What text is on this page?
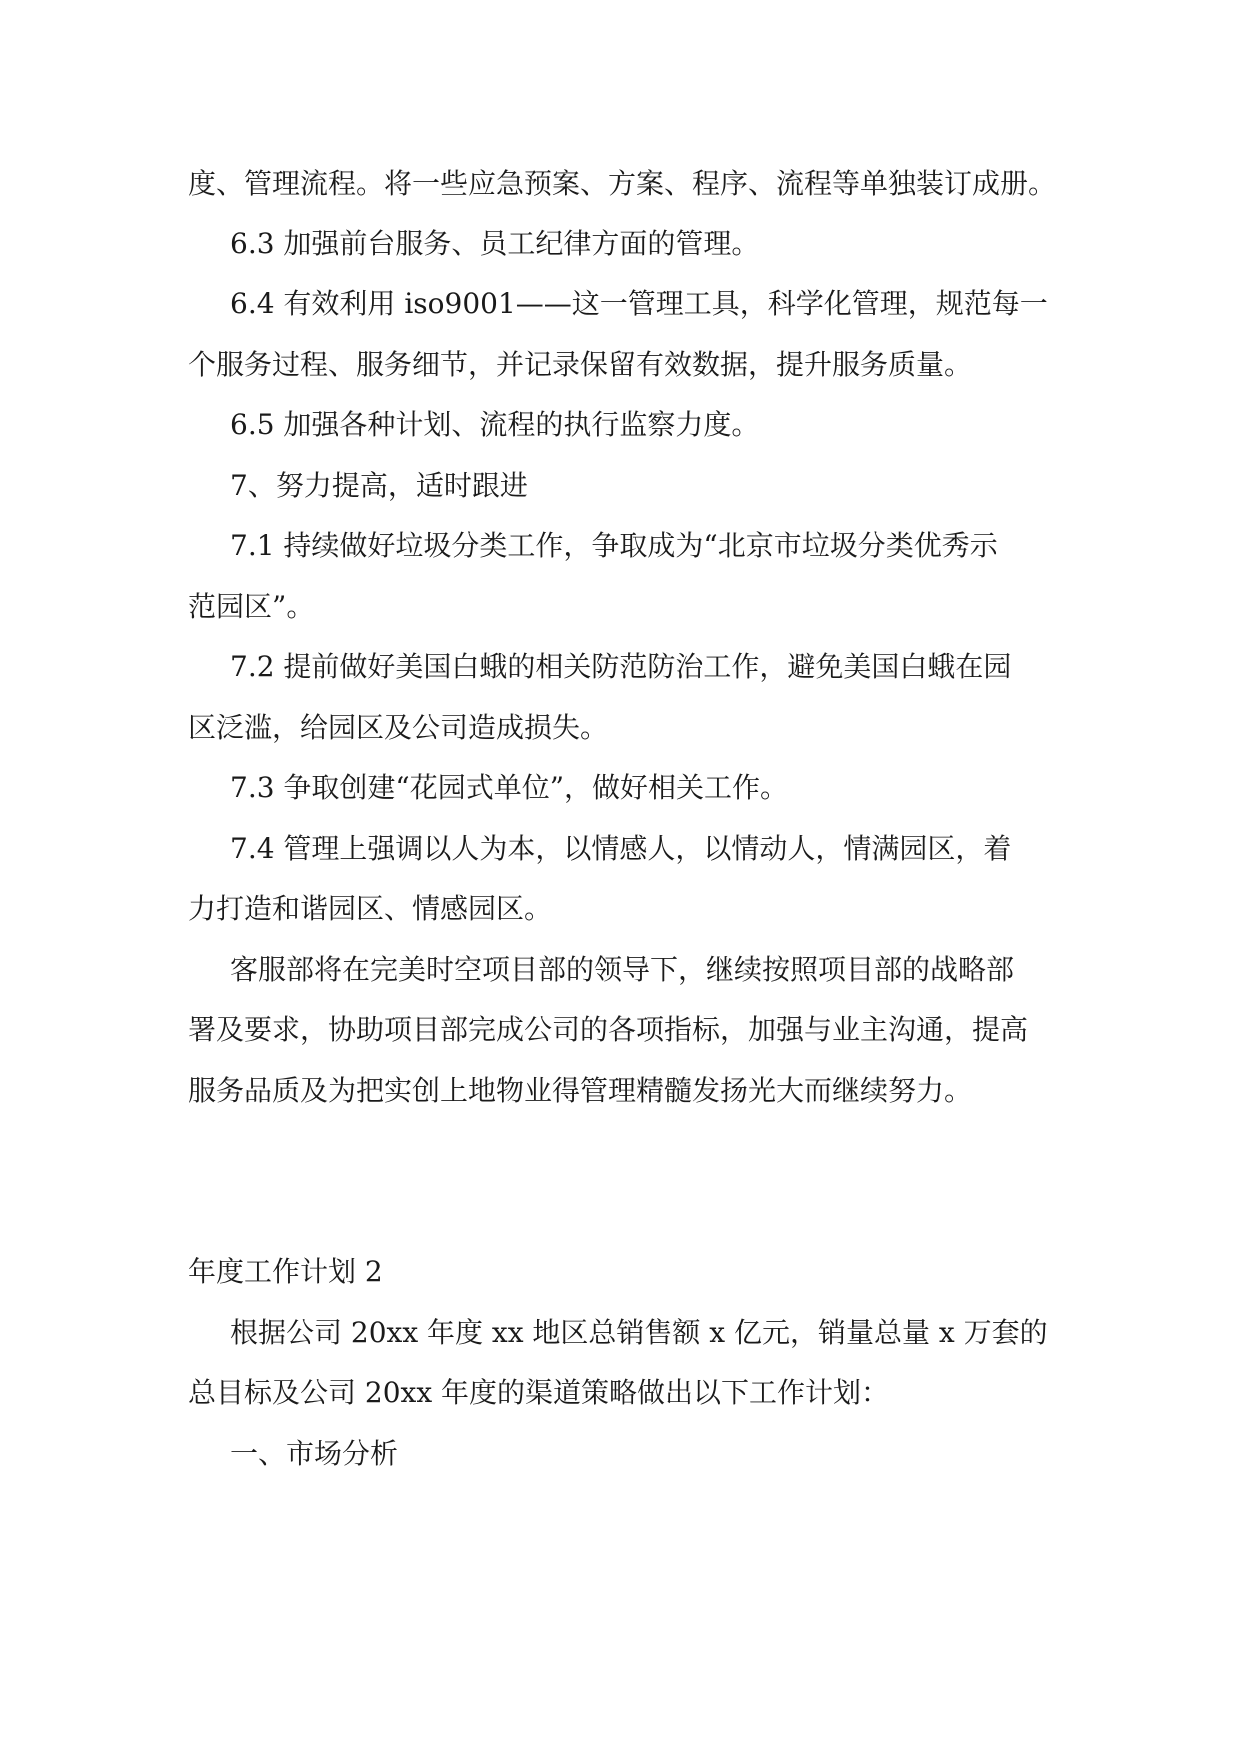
度、管理流程。将一些应急预案、方案、程序、流程等单独装订成册。

6.3 加强前台服务、员工纪律方面的管理。

6.4 有效利用 iso9001——这一管理工具，科学化管理，规范每一

个服务过程、服务细节，并记录保留有效数据，提升服务质量。

6.5 加强各种计划、流程的执行监察力度。

7、努力提高，适时跟进

7.1 持续做好垃圾分类工作，争取成为“北京市垃圾分类优秀示

范园区”。

7.2 提前做好美国白蛾的相关防范防治工作，避免美国白蛾在园

区泛滥，给园区及公司造成损失。

7.3 争取创建“花园式单位”，做好相关工作。

7.4 管理上强调以人为本，以情感人，以情动人，情满园区，着

力打造和谐园区、情感园区。

客服部将在完美时空项目部的领导下，继续按照项目部的战略部

署及要求，协助项目部完成公司的各项指标，加强与业主沟通，提高

服务品质及为把实创上地物业得管理精髓发扬光大而继续努力。

年度工作计划 2

根据公司 20xx 年度 xx 地区总销售额 x 亿元，销量总量 x 万套的

总目标及公司 20xx 年度的渠道策略做出以下工作计划：

一、市场分析
